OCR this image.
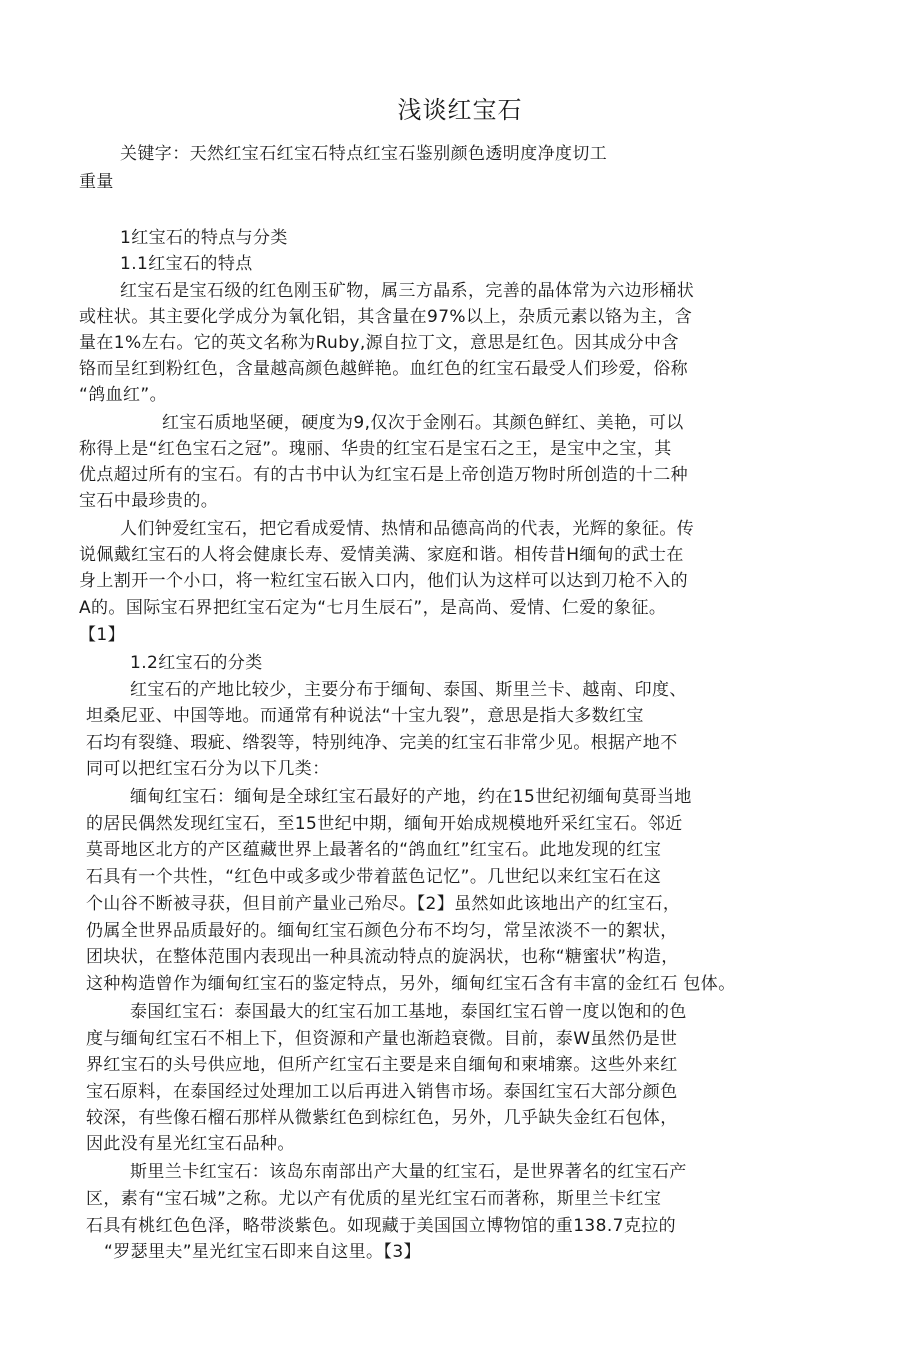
浅谈红宝石
关键字：天然红宝石红宝石特点红宝石鉴别颜色透明度净度切工
重量
1红宝石的特点与分类
1.1红宝石的特点
红宝石是宝石级的红色刚玉矿物，属三方晶系，完善的晶体常为六边形桶状
或柱状。其主要化学成分为氧化铝，其含量在97%以上，杂质元素以铬为主，含
量在1%左右。它的英文名称为Ruby,源自拉丁文，意思是红色。因其成分中含
铬而呈红到粉红色，含量越高颜色越鲜艳。血红色的红宝石最受人们珍爱，俗称
“鸽血红”。
红宝石质地坚硬，硬度为9,仅次于金刚石。其颜色鲜红、美艳，可以
称得上是“红色宝石之冠”。瑰丽、华贵的红宝石是宝石之王，是宝中之宝，其
优点超过所有的宝石。有的古书中认为红宝石是上帝创造万物时所创造的十二种
宝石中最珍贵的。
人们钟爱红宝石，把它看成爱情、热情和品德高尚的代表，光辉的象征。传
说佩戴红宝石的人将会健康长寿、爱情美满、家庭和谐。相传昔H缅甸的武士在
身上割开一个小口，将一粒红宝石嵌入口内，他们认为这样可以达到刀枪不入的
A的。国际宝石界把红宝石定为“七月生辰石”，是高尚、爱情、仁爱的象征。
【1】
1.2红宝石的分类
红宝石的产地比较少，主要分布于缅甸、泰国、斯里兰卡、越南、印度、
坦桑尼亚、中国等地。而通常有种说法“十宝九裂”，意思是指大多数红宝
石均有裂缝、瑕疵、绺裂等，特别纯净、完美的红宝石非常少见。根据产地不
同可以把红宝石分为以下几类：
缅甸红宝石：缅甸是全球红宝石最好的产地，约在15世纪初缅甸莫哥当地
的居民偶然发现红宝石，至15世纪中期，缅甸开始成规模地歼采红宝石。邻近
莫哥地区北方的产区蕴藏世界上最著名的“鸽血红”红宝石。此地发现的红宝
石具有一个共性，“红色中或多或少带着蓝色记忆”。几世纪以来红宝石在这
个山谷不断被寻获，但目前产量业己殆尽。【2】虽然如此该地出产的红宝石，
仍属全世界品质最好的。缅甸红宝石颜色分布不均匀，常呈浓淡不一的絮状，
团块状，在整体范围内表现出一种具流动特点的旋涡状，也称“糖蜜状”构造，
这种构造曾作为缅甸红宝石的鉴定特点，另外，缅甸红宝石含有丰富的金红石 包体。
泰国红宝石：泰国最大的红宝石加工基地，泰国红宝石曾一度以饱和的色
度与缅甸红宝石不相上下，但资源和产量也渐趋衰微。目前，泰W虽然仍是世
界红宝石的头号供应地，但所产红宝石主要是来自缅甸和柬埔寨。这些外来红
宝石原料，在泰国经过处理加工以后再进入销售市场。泰国红宝石大部分颜色
较深，有些像石榴石那样从微紫红色到棕红色，另外，几乎缺失金红石包体，
因此没有星光红宝石品种。
斯里兰卡红宝石：该岛东南部出产大量的红宝石，是世界著名的红宝石产
区，素有“宝石城”之称。尤以产有优质的星光红宝石而著称，斯里兰卡红宝
石具有桃红色色泽，略带淡紫色。如现藏于美国国立博物馆的重138.7克拉的
“罗瑟里夫”星光红宝石即来自这里。【3】
